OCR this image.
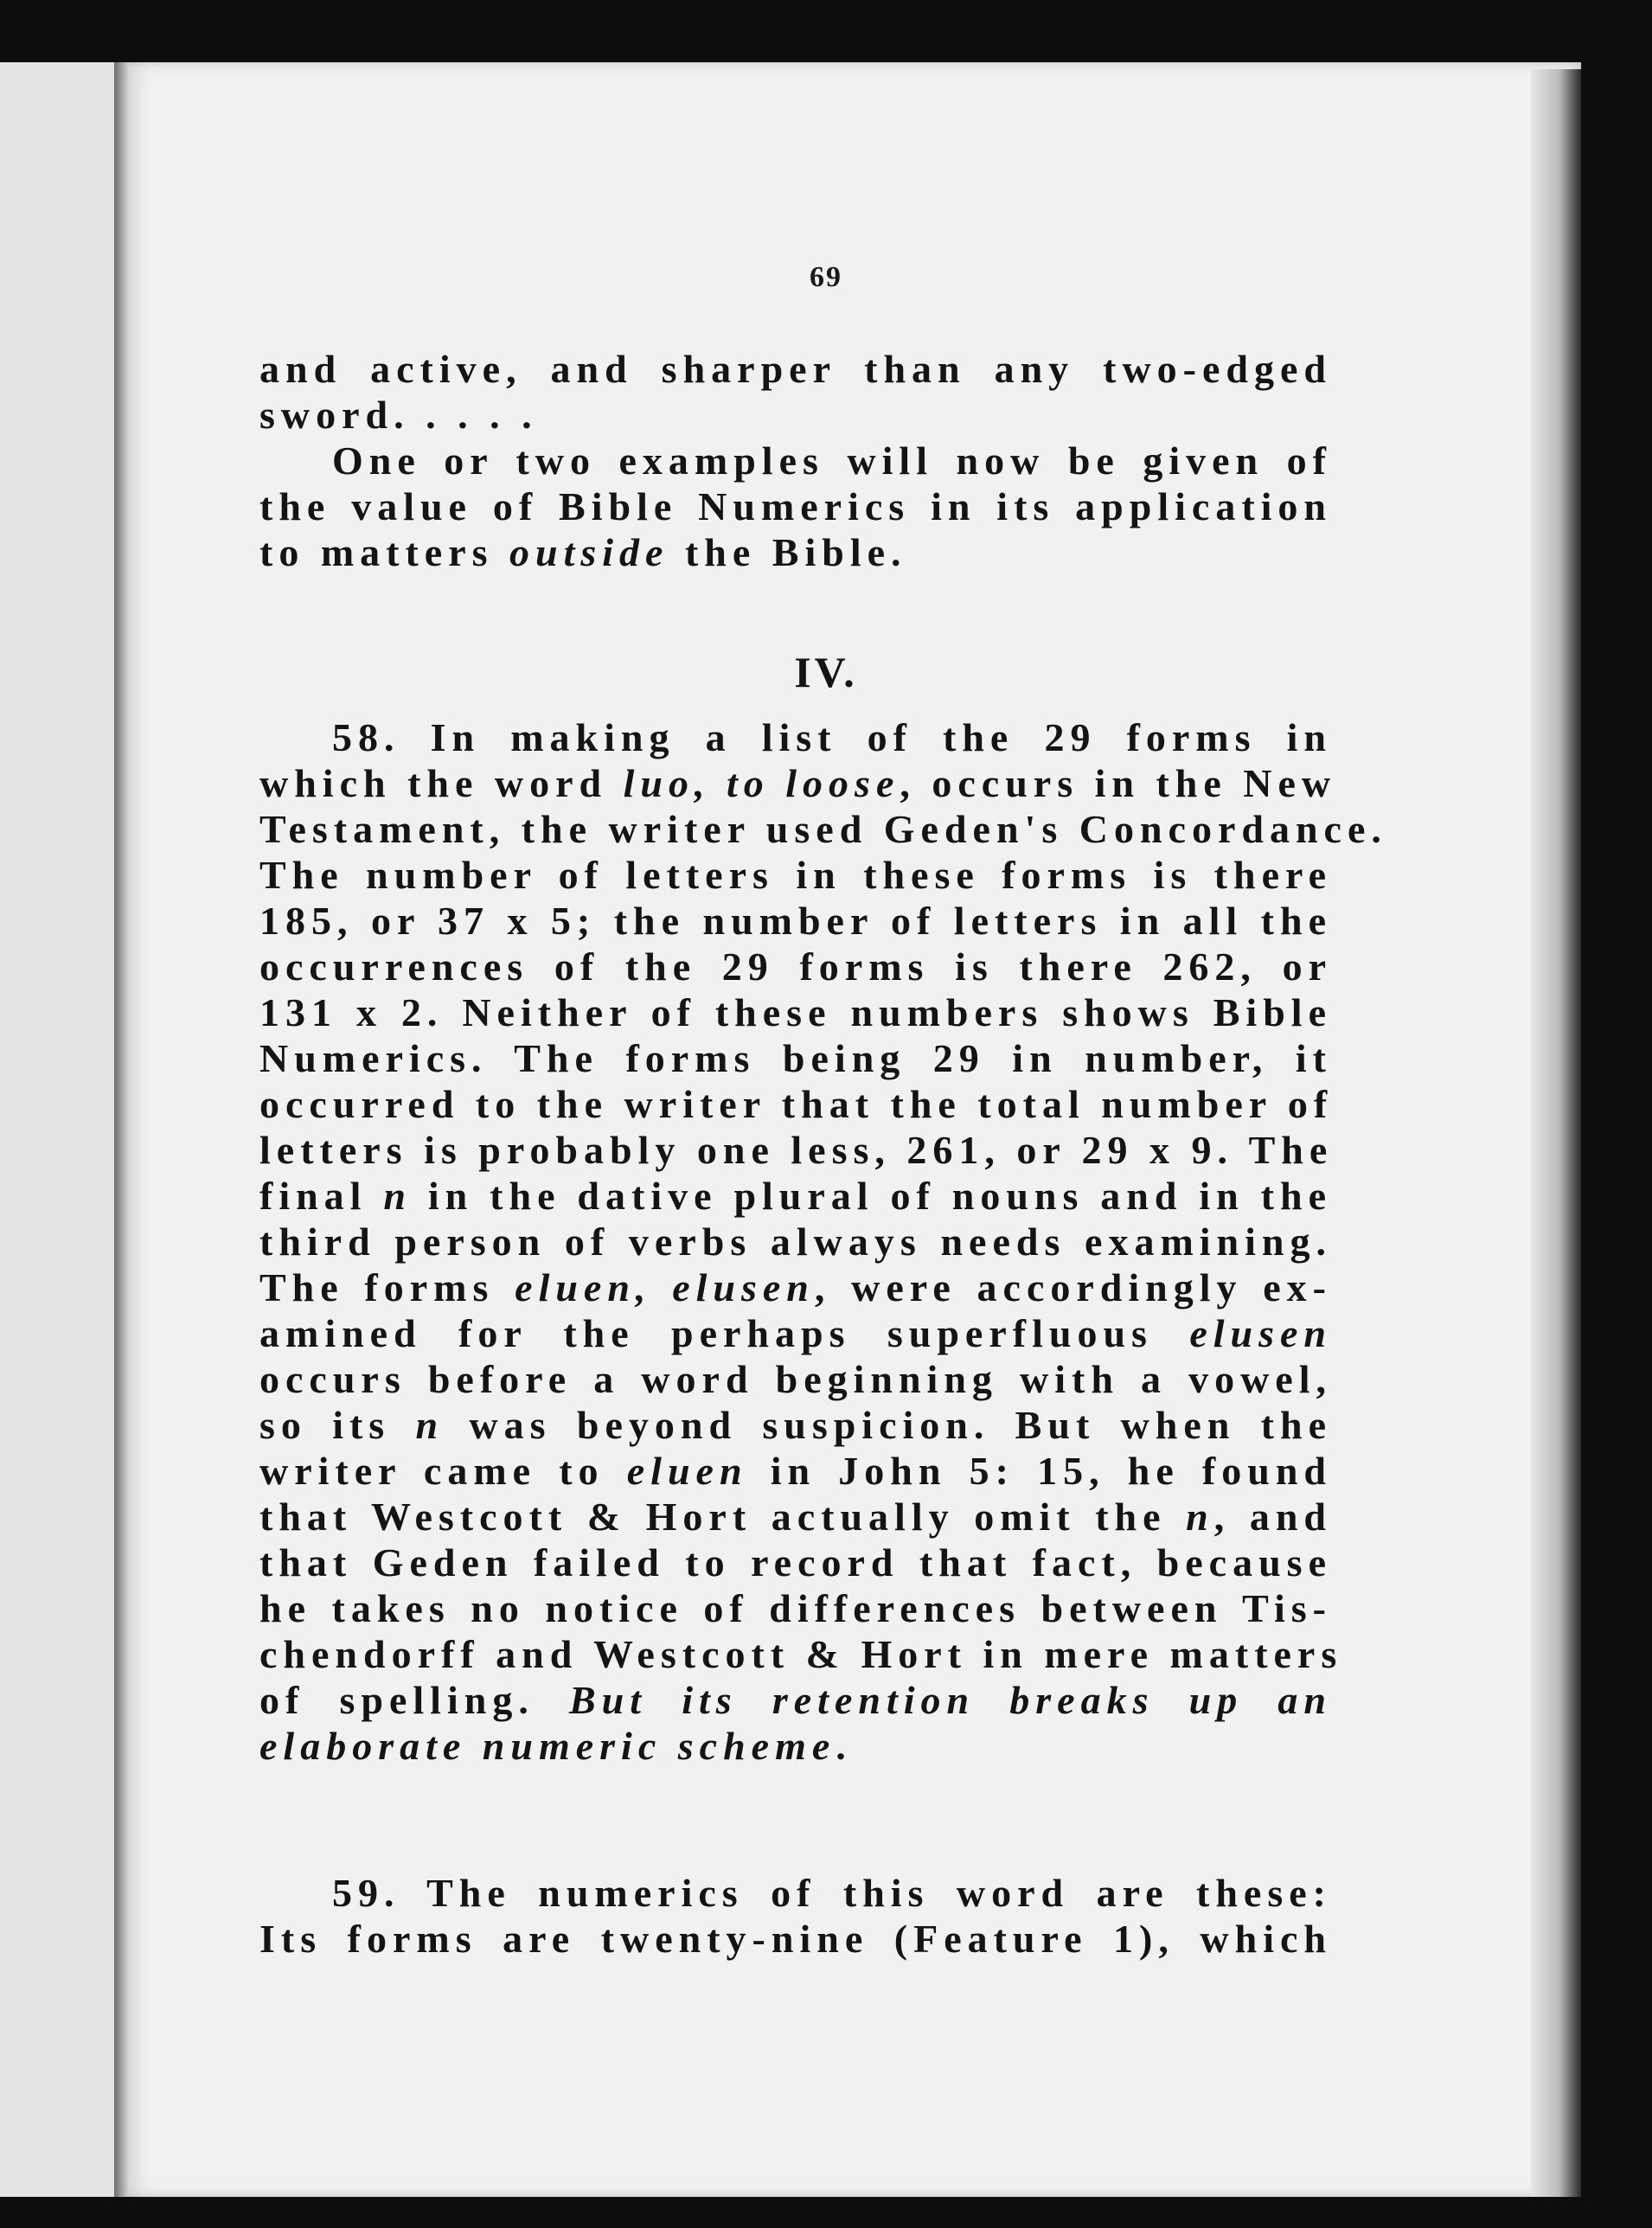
69
and active, and sharper than any two-edged
sword. . . . .
One or two examples will now be given of
the value of Bible Numerics in its application
to matters outside the Bible.
IV.
58. In making a list of the 29 forms in
which the word luo, to loose, occurs in the New
Testament, the writer used Geden's Concordance.
The number of letters in these forms is there
185, or 37 x 5; the number of letters in all the
occurrences of the 29 forms is there 262, or
131 x 2. Neither of these numbers shows Bible
Numerics. The forms being 29 in number, it
occurred to the writer that the total number of
letters is probably one less, 261, or 29 x 9. The
final n in the dative plural of nouns and in the
third person of verbs always needs examining.
The forms eluen, elusen, were accordingly ex-
amined for the perhaps superfluous elusen
occurs before a word beginning with a vowel,
so its n was beyond suspicion. But when the
writer came to eluen in John 5: 15, he found
that Westcott & Hort actually omit the n, and
that Geden failed to record that fact, because
he takes no notice of differences between Tis-
chendorff and Westcott & Hort in mere matters
of spelling. But its retention breaks up an
elaborate numeric scheme.
59. The numerics of this word are these:
Its forms are twenty-nine (Feature 1), which
